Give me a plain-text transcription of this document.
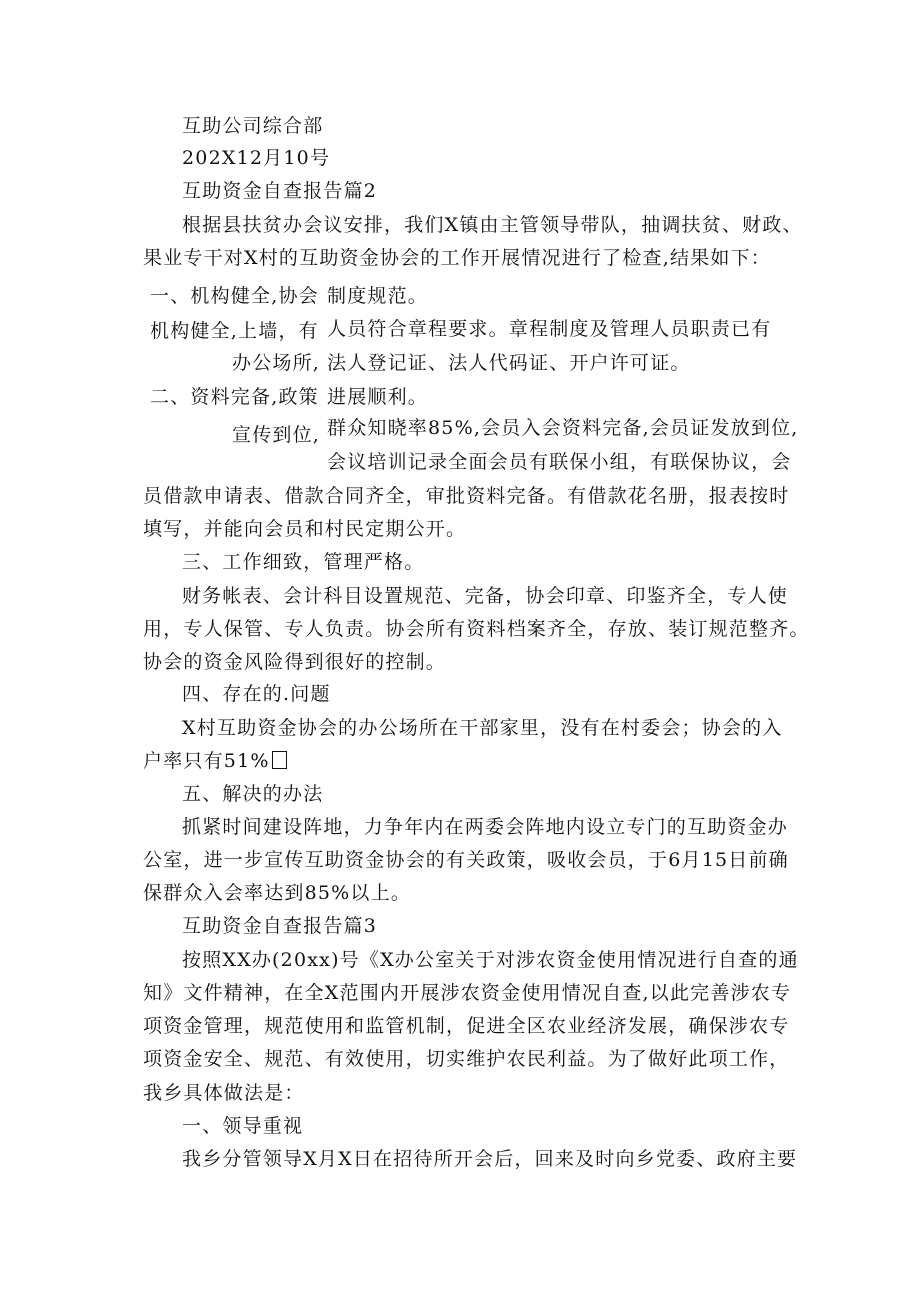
互助公司综合部
202X12月10号
互助资金自查报告篇2
根据县扶贫办会议安排，我们X镇由主管领导带队，抽调扶贫、财政、
果业专干对X村的互助资金协会的工作开展情况进行了检查,结果如下：
一、机构健全,协会 制度规范。
机构健全,上墙，有 人员符合章程要求。章程制度及管理人员职责已有
办公场所, 法人登记证、法人代码证、开户许可证。
二、资料完备,政策 进展顺利。
宣传到位, 群众知晓率85%,会员入会资料完备,会员证发放到位,
会议培训记录全面会员有联保小组，有联保协议，会
员借款申请表、借款合同齐全，审批资料完备。有借款花名册，报表按时
填写，并能向会员和村民定期公开。
三、工作细致，管理严格。
财务帐表、会计科目设置规范、完备，协会印章、印鉴齐全，专人使
用，专人保管、专人负责。协会所有资料档案齐全，存放、装订规范整齐。
协会的资金风险得到很好的控制。
四、存在的.问题
X村互助资金协会的办公场所在干部家里，没有在村委会；协会的入
户率只有51%
五、解决的办法
抓紧时间建设阵地，力争年内在两委会阵地内设立专门的互助资金办
公室，进一步宣传互助资金协会的有关政策，吸收会员，于6月15日前确
保群众入会率达到85%以上。
互助资金自查报告篇3
按照XX办(20xx)号《X办公室关于对涉农资金使用情况进行自查的通
知》文件精神，在全X范围内开展涉农资金使用情况自查,以此完善涉农专
项资金管理，规范使用和监管机制，促进全区农业经济发展，确保涉农专
项资金安全、规范、有效使用，切实维护农民利益。为了做好此项工作，
我乡具体做法是：
一、领导重视
我乡分管领导X月X日在招待所开会后，回来及时向乡党委、政府主要
